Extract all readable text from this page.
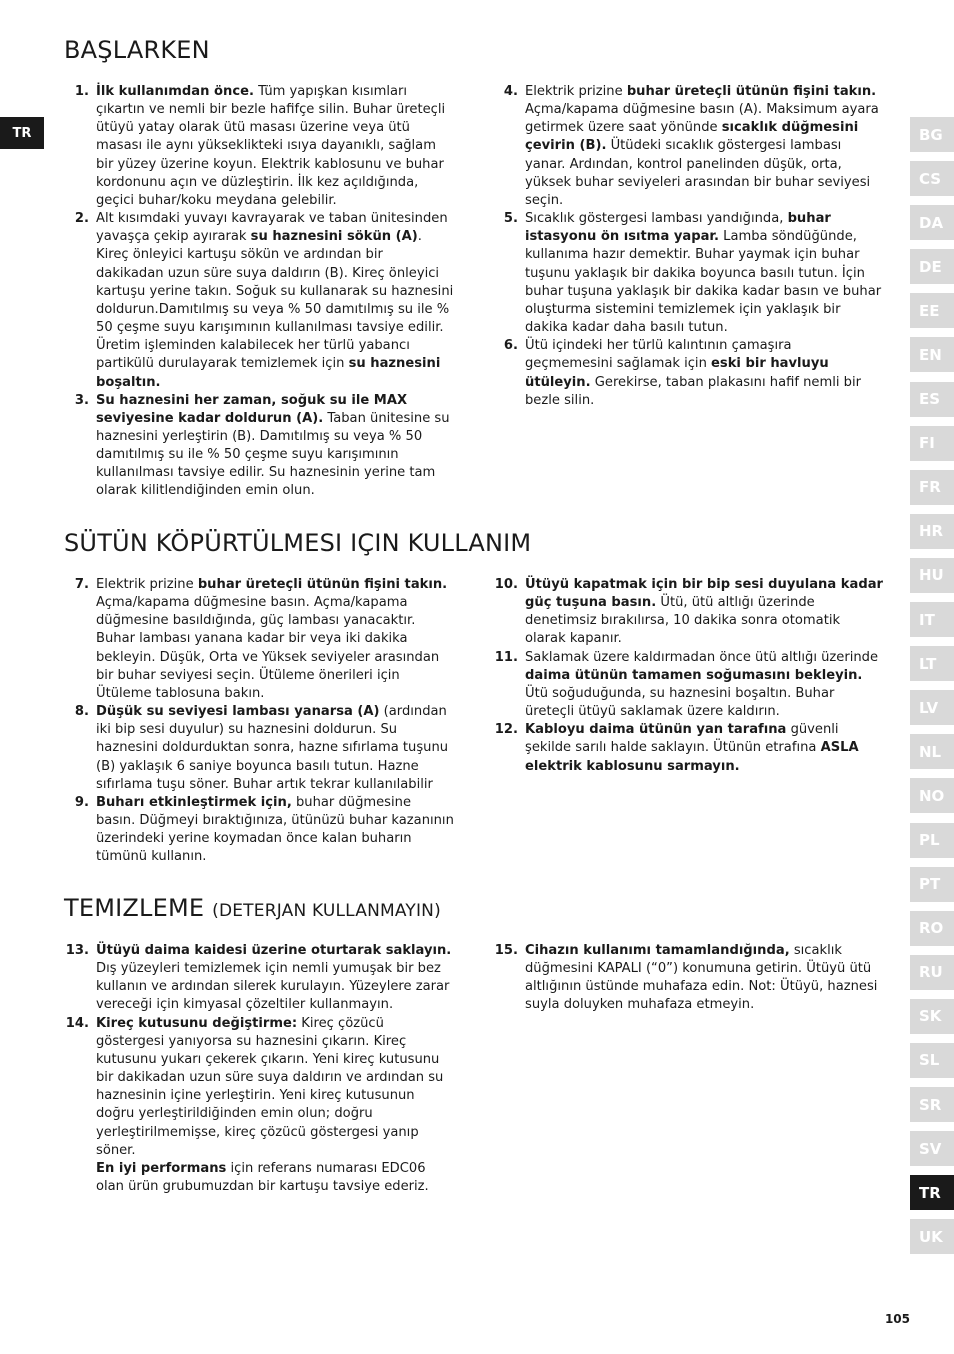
TR
BAŞLARKEN
1. İlk kullanımdan önce. Tüm yapışkan kısımları çıkartın ve nemli bir bezle hafifçe silin. Buhar üreteçli ütüyü yatay olarak ütü masası üzerine veya ütü masası ile aynı yükseklikteki ısıya dayanıklı, sağlam bir yüzey üzerine koyun. Elektrik kablosunu ve buhar kordonunu açın ve düzleştirin. İlk kez açıldığında, geçici buhar/koku meydana gelebilir.
2. Alt kısımdaki yuvayı kavrayarak ve taban ünitesinden yavaşça çekip ayırarak su haznesini sökün (A). Kireç önleyici kartuşu sökün ve ardından bir dakikadan uzun süre suya daldırın (B). Kireç önleyici kartuşu yerine takın. Soğuk su kullanarak su haznesini doldurun.Damıtılmış su veya % 50 damıtılmış su ile % 50 çeşme suyu karışımının kullanılması tavsiye edilir. Üretim işleminden kalabilecek her türlü yabancı partikülü durulayarak temizlemek için su haznesini boşaltın.
3. Su haznesini her zaman, soğuk su ile MAX seviyesine kadar doldurun (A). Taban ünitesine su haznesini yerleştirin (B). Damıtılmış su veya % 50 damıtılmış su ile % 50 çeşme suyu karışımının kullanılması tavsiye edilir. Su haznesinin yerine tam olarak kilitlendiğinden emin olun.
4. Elektrik prizine buhar üreteçli ütünün fişini takın. Açma/kapama düğmesine basın (A). Maksimum ayara getirmek üzere saat yönünde sıcaklık düğmesini çevirin (B). Ütüdeki sıcaklık göstergesi lambası yanar. Ardından, kontrol panelinden düşük, orta, yüksek buhar seviyeleri arasından bir buhar seviyesi seçin.
5. Sıcaklık göstergesi lambası yandığında, buhar istasyonu ön ısıtma yapar. Lamba söndüğünde, kullanıma hazır demektir. Buhar yaymak için buhar tuşunu yaklaşık bir dakika boyunca basılı tutun. İçin buhar tuşuna yaklaşık bir dakika kadar basın ve buhar oluşturma sistemini temizlemek için yaklaşık bir dakika kadar daha basılı tutun.
6. Ütü içindeki her türlü kalıntının çamaşıra geçmemesini sağlamak için eski bir havluyu ütüleyin. Gerekirse, taban plakasını hafif nemli bir bezle silin.
SÜTÜN KÖPÜRTÜLMESI IÇIN KULLANIM
7. Elektrik prizine buhar üreteçli ütünün fişini takın. Açma/kapama düğmesine basın. Açma/kapama düğmesine basıldığında, güç lambası yanacaktır. Buhar lambası yanana kadar bir veya iki dakika bekleyin. Düşük, Orta ve Yüksek seviyeler arasından bir buhar seviyesi seçin. Ütüleme önerileri için Ütüleme tablosuna bakın.
8. Düşük su seviyesi lambası yanarsa (A) (ardından iki bip sesi duyulur) su haznesini doldurun. Su haznesini doldurduktan sonra, hazne sıfırlama tuşunu (B) yaklaşık 6 saniye boyunca basılı tutun. Hazne sıfırlama tuşu söner. Buhar artık tekrar kullanılabilir
9. Buharı etkinleştirmek için, buhar düğmesine basın. Düğmeyi bıraktığınıza, ütünüzü buhar kazanının üzerindeki yerine koymadan önce kalan buharın tümünü kullanın.
10. Ütüyü kapatmak için bir bip sesi duyulana kadar güç tuşuna basın. Ütü, ütü altlığı üzerinde denetimsiz bırakılırsa, 10 dakika sonra otomatik olarak kapanır.
11. Saklamak üzere kaldırmadan önce ütü altlığı üzerinde daima ütünün tamamen soğumasını bekleyin. Ütü soğuduğunda, su haznesini boşaltın. Buhar üreteçli ütüyü saklamak üzere kaldırın.
12. Kabloyu daima ütünün yan tarafına güvenli şekilde sarılı halde saklayın. Ütünün etrafına ASLA elektrik kablosunu sarmayın.
TEMIZLEME (DETERJAN KULLANMAYIN)
13. Ütüyü daima kaidesi üzerine oturtarak saklayın. Dış yüzeyleri temizlemek için nemli yumuşak bir bez kullanın ve ardından silerek kurulayın. Yüzeylere zarar vereceği için kimyasal çözeltiler kullanmayın.
14. Kireç kutusunu değiştirme: Kireç çözücü göstergesi yanıyorsa su haznesini çıkarın. Kireç kutusunu yukarı çekerek çıkarın. Yeni kireç kutusunu bir dakikadan uzun süre suya daldırın ve ardından su haznesinin içine yerleştirin. Yeni kireç kutusunun doğru yerleştirildiğinden emin olun; doğru yerleştirilmemişse, kireç çözücü göstergesi yanıp söner.
En iyi performans için referans numarası EDC06 olan ürün grubumuzdan bir kartuşu tavsiye ederiz.
15. Cihazın kullanımı tamamlandığında, sıcaklık düğmesini KAPALI (“0”) konumuna getirin. Ütüyü ütü altlığının üstünde muhafaza edin. Not: Ütüyü, haznesi suyla doluyken muhafaza etmeyin.
BG
CS
DA
DE
EE
EN
ES
FI
FR
HR
HU
IT
LT
LV
NL
NO
PL
PT
RO
RU
SK
SL
SR
SV
TR
UK
105
